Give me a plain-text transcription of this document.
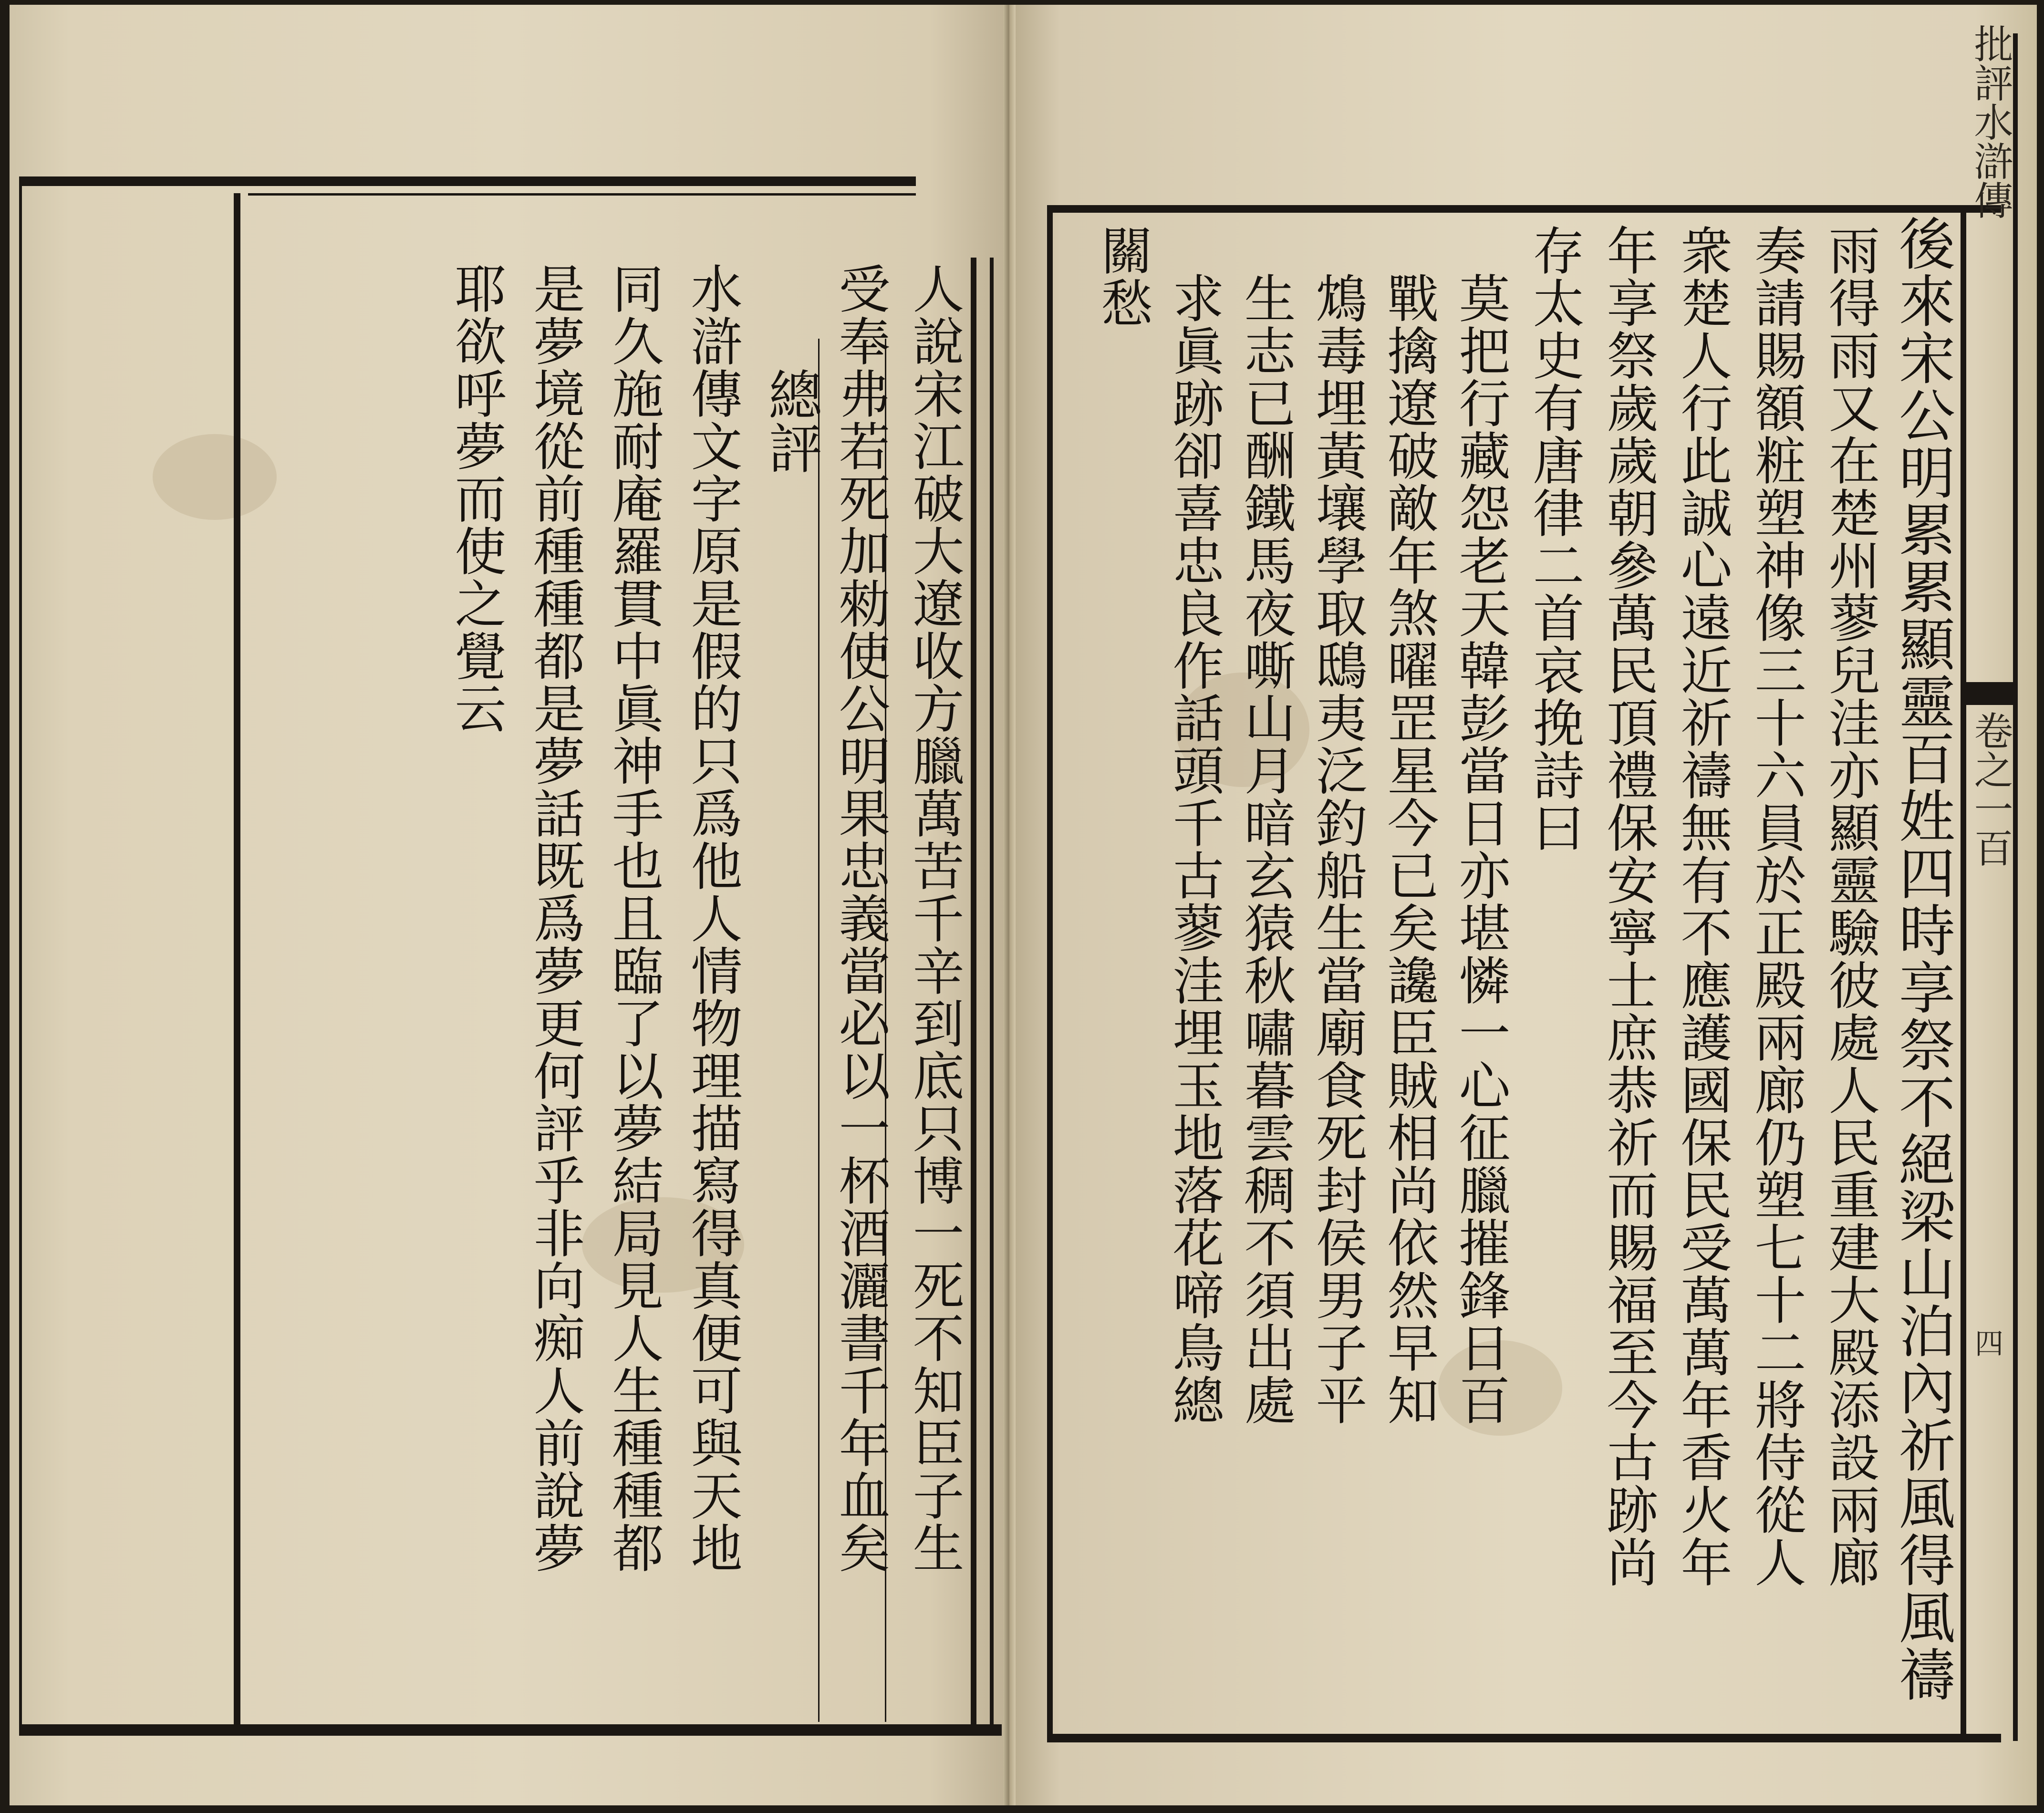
人說宋江破大遼收方臘萬苦千辛到底只博一死不知臣子生
受奉弗若死加勑使公明果忠義當必以一杯酒灑書千年血矣
總評
水滸傳文字原是假的只爲他人情物理描寫得真便可與天地
同久施耐庵羅貫中眞神手也且臨了以夢結局見人生種種都
是夢境從前種種都是夢話既爲夢更何評乎非向痴人前說夢
耶欲呼夢而使之覺云
批評水滸傳
卷之一百
四
後來宋公明累累顯靈百姓四時享祭不絕梁山泊內祈風得風禱
雨得雨又在楚州蓼兒洼亦顯靈驗彼處人民重建大殿添設兩廊
奏請賜額粧塑神像三十六員於正殿兩廊仍塑七十二將侍從人
衆楚人行此誠心遠近祈禱無有不應護國保民受萬萬年香火年
年享祭歲歲朝參萬民頂禮保安寧士庶恭祈而賜福至今古跡尚
存太史有唐律二首哀挽詩曰
莫把行藏怨老天韓彭當日亦堪憐一心征臘摧鋒日百
戰擒遼破敵年煞曜罡星今已矣讒臣賊相尚依然早知
鴆毒埋黃壤學取鴟夷泛釣船生當廟食死封侯男子平
生志已酬鐵馬夜嘶山月暗玄猿秋嘯暮雲稠不須出處
求眞跡卻喜忠良作話頭千古蓼洼埋玉地落花啼鳥總
關愁
